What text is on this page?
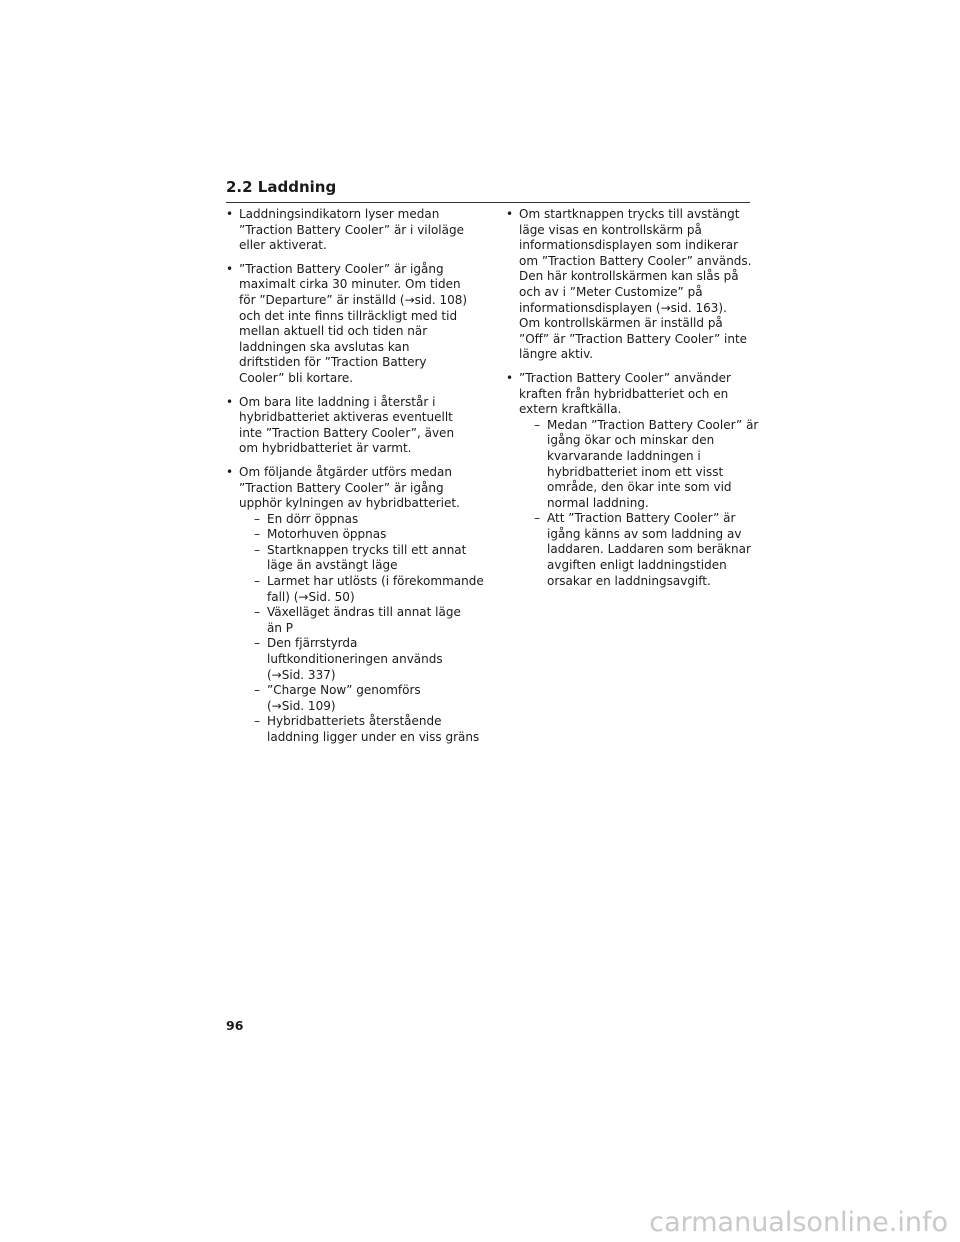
2.2 Laddning
• Laddningsindikatorn lyser medan
”Traction Battery Cooler” är i viloläge
eller aktiverat.
• ”Traction Battery Cooler” är igång
maximalt cirka 30 minuter. Om tiden
för ”Departure” är inställd (→sid. 108)
och det inte finns tillräckligt med tid
mellan aktuell tid och tiden när
laddningen ska avslutas kan
driftstiden för ”Traction Battery
Cooler” bli kortare.
• Om bara lite laddning i återstår i
hybridbatteriet aktiveras eventuellt
inte ”Traction Battery Cooler”, även
om hybridbatteriet är varmt.
• Om följande åtgärder utförs medan
”Traction Battery Cooler” är igång
upphör kylningen av hybridbatteriet.
– En dörr öppnas
– Motorhuven öppnas
– Startknappen trycks till ett annat
läge än avstängt läge
– Larmet har utlösts (i förekommande
fall) (→Sid. 50)
– Växelläget ändras till annat läge
än P
– Den fjärrstyrda
luftkonditioneringen används
(→Sid. 337)
– ”Charge Now” genomförs
(→Sid. 109)
– Hybridbatteriets återstående
laddning ligger under en viss gräns
• Om startknappen trycks till avstängt
läge visas en kontrollskärm på
informationsdisplayen som indikerar
om ”Traction Battery Cooler” används.
Den här kontrollskärmen kan slås på
och av i ”Meter Customize” på
informationsdisplayen (→sid. 163).
Om kontrollskärmen är inställd på
”Off” är ”Traction Battery Cooler” inte
längre aktiv.
• ”Traction Battery Cooler” använder
kraften från hybridbatteriet och en
extern kraftkälla.
– Medan ”Traction Battery Cooler” är
igång ökar och minskar den
kvarvarande laddningen i
hybridbatteriet inom ett visst
område, den ökar inte som vid
normal laddning.
– Att ”Traction Battery Cooler” är
igång känns av som laddning av
laddaren. Laddaren som beräknar
avgiften enligt laddningstiden
orsakar en laddningsavgift.
96
carmanualsonline.info
